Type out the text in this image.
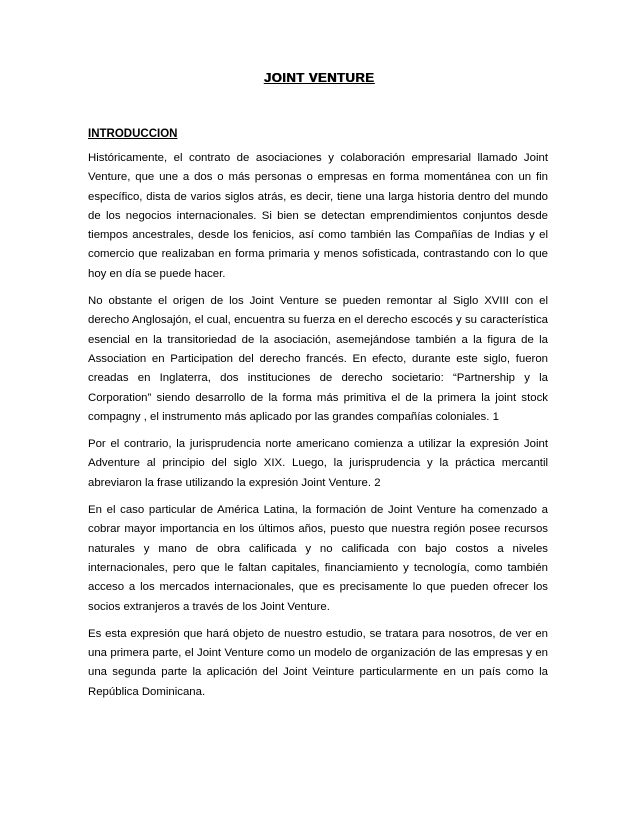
JOINT VENTURE
INTRODUCCION

Históricamente, el contrato de asociaciones y colaboración empresarial llamado Joint Venture, que une a dos o más personas o empresas en forma momentánea con un fin específico, dista de varios siglos atrás, es decir, tiene una larga historia dentro del mundo de los negocios internacionales. Si bien se detectan emprendimientos conjuntos desde tiempos ancestrales, desde los fenicios, así como también las Compañías de Indias y el comercio que realizaban en forma primaria y menos sofisticada, contrastando con lo que hoy en día se puede hacer.

No obstante el origen de los Joint Venture se pueden remontar al Siglo XVIII con el derecho Anglosajón, el cual, encuentra su fuerza en el derecho escocés y su característica esencial en la transitoriedad de la asociación, asemejándose también a la figura de la Association en Participation del derecho francés. En efecto, durante este siglo, fueron creadas en Inglaterra, dos instituciones de derecho societario: “Partnership y la Corporation” siendo desarrollo de la forma más primitiva el de la primera la joint stock compagny , el instrumento más aplicado por las grandes compañías coloniales. 1

Por el contrario, la jurisprudencia norte americano comienza a utilizar la expresión Joint Adventure al principio del siglo XIX. Luego, la jurisprudencia y la práctica mercantil abreviaron la frase utilizando la expresión Joint Venture. 2

En el caso particular de América Latina, la formación de Joint Venture ha comenzado a cobrar mayor importancia en los últimos años, puesto que nuestra región posee recursos naturales y mano de obra calificada y no calificada con bajo costos a niveles internacionales, pero que le faltan capitales, financiamiento y tecnología, como también acceso a los mercados internacionales, que es precisamente lo que pueden ofrecer los socios extranjeros a través de los Joint Venture.

Es esta expresión que hará objeto de nuestro estudio, se tratara para nosotros, de ver en una primera parte, el Joint Venture como un modelo de organización de las empresas y en una segunda parte la aplicación del Joint Veinture particularmente en un país como la República Dominicana.
